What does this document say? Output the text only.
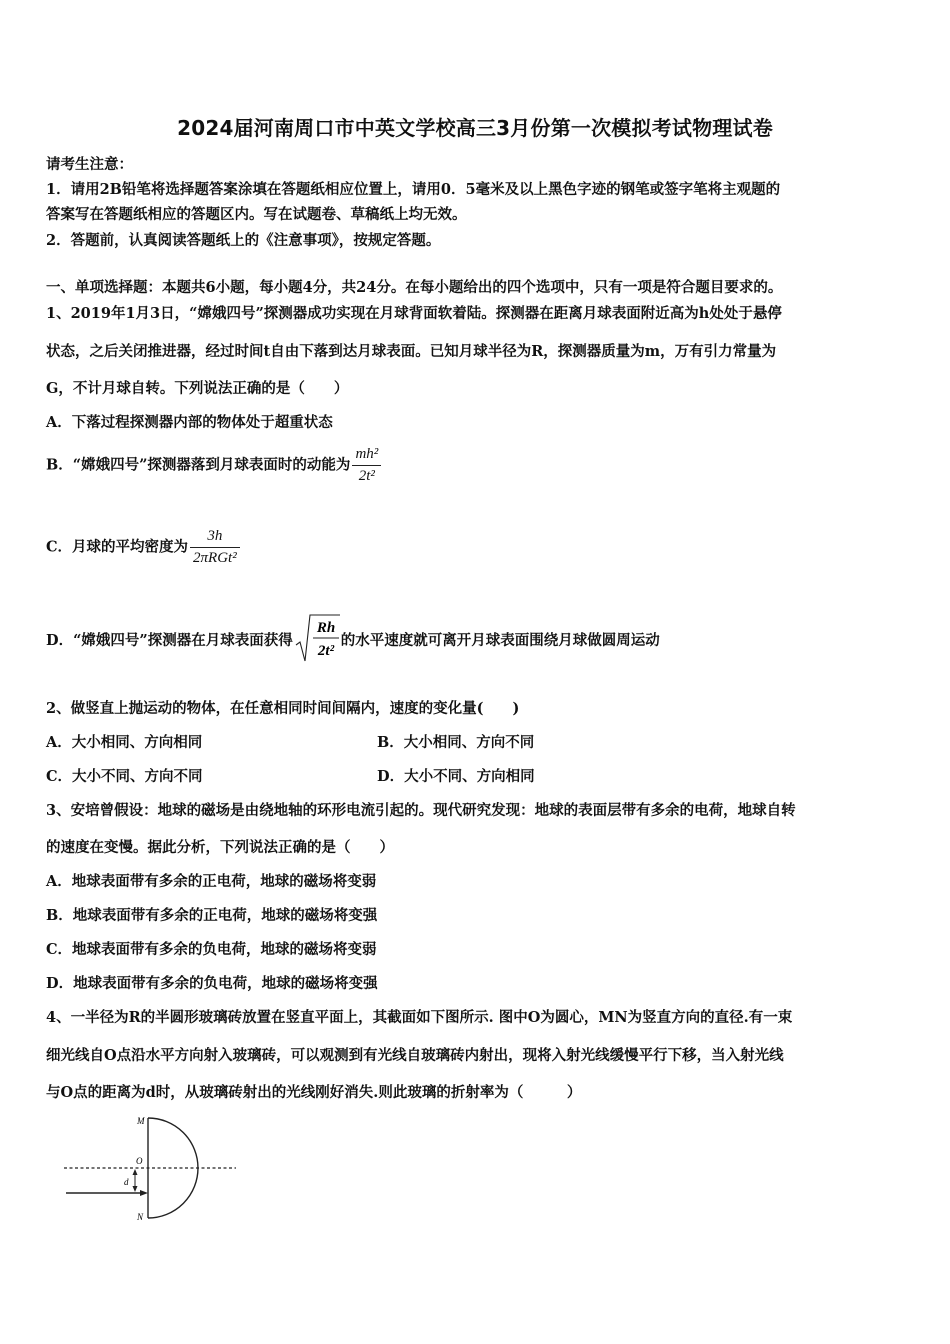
2024届河南周口市中英文学校高三3月份第一次模拟考试物理试卷
请考生注意：
1．请用2B铅笔将选择题答案涂填在答题纸相应位置上，请用0．5毫米及以上黑色字迹的钢笔或签字笔将主观题的
答案写在答题纸相应的答题区内。写在试题卷、草稿纸上均无效。
2．答题前，认真阅读答题纸上的《注意事项》，按规定答题。
一、单项选择题：本题共6小题，每小题4分，共24分。在每小题给出的四个选项中，只有一项是符合题目要求的。
1、2019年1月3日，“嫦娥四号”探测器成功实现在月球背面软着陆。探测器在距离月球表面附近高为h处处于悬停
状态，之后关闭推进器，经过时间t自由下落到达月球表面。已知月球半径为R，探测器质量为m，万有引力常量为
G，不计月球自转。下列说法正确的是（　　）
A．下落过程探测器内部的物体处于超重状态
B．“嫦娥四号”探测器落到月球表面时的动能为 $\frac{\text{mh²}}{\text{2t²}}$
C．月球的平均密度为 $\frac{3h}{\text{2πRGt²}}$
D．“嫦娥四号”探测器在月球表面获得
Rh
2t²
的水平速度就可离开月球表面围绕月球做圆周运动
2、做竖直上抛运动的物体，在任意相同时间间隔内，速度的变化量(　　)
A．大小相同、方向相同	B．大小相同、方向不同
C．大小不同、方向不同	D．大小不同、方向相同
3、安培曾假设：地球的磁场是由绕地轴的环形电流引起的。现代研究发现：地球的表面层带有多余的电荷，地球自转
的速度在变慢。据此分析，下列说法正确的是（　　）
A．地球表面带有多余的正电荷，地球的磁场将变弱
B．地球表面带有多余的正电荷，地球的磁场将变强
C．地球表面带有多余的负电荷，地球的磁场将变弱
D．地球表面带有多余的负电荷，地球的磁场将变强
4、一半径为R的半圆形玻璃砖放置在竖直平面上，其截面如下图所示. 图中O为圆心，MN为竖直方向的直径.有一束
细光线自O点沿水平方向射入玻璃砖，可以观测到有光线自玻璃砖内射出，现将入射光线缓慢平行下移，当入射光线
与O点的距离为d时，从玻璃砖射出的光线刚好消失.则此玻璃的折射率为（　　　）
M
O
d
N
